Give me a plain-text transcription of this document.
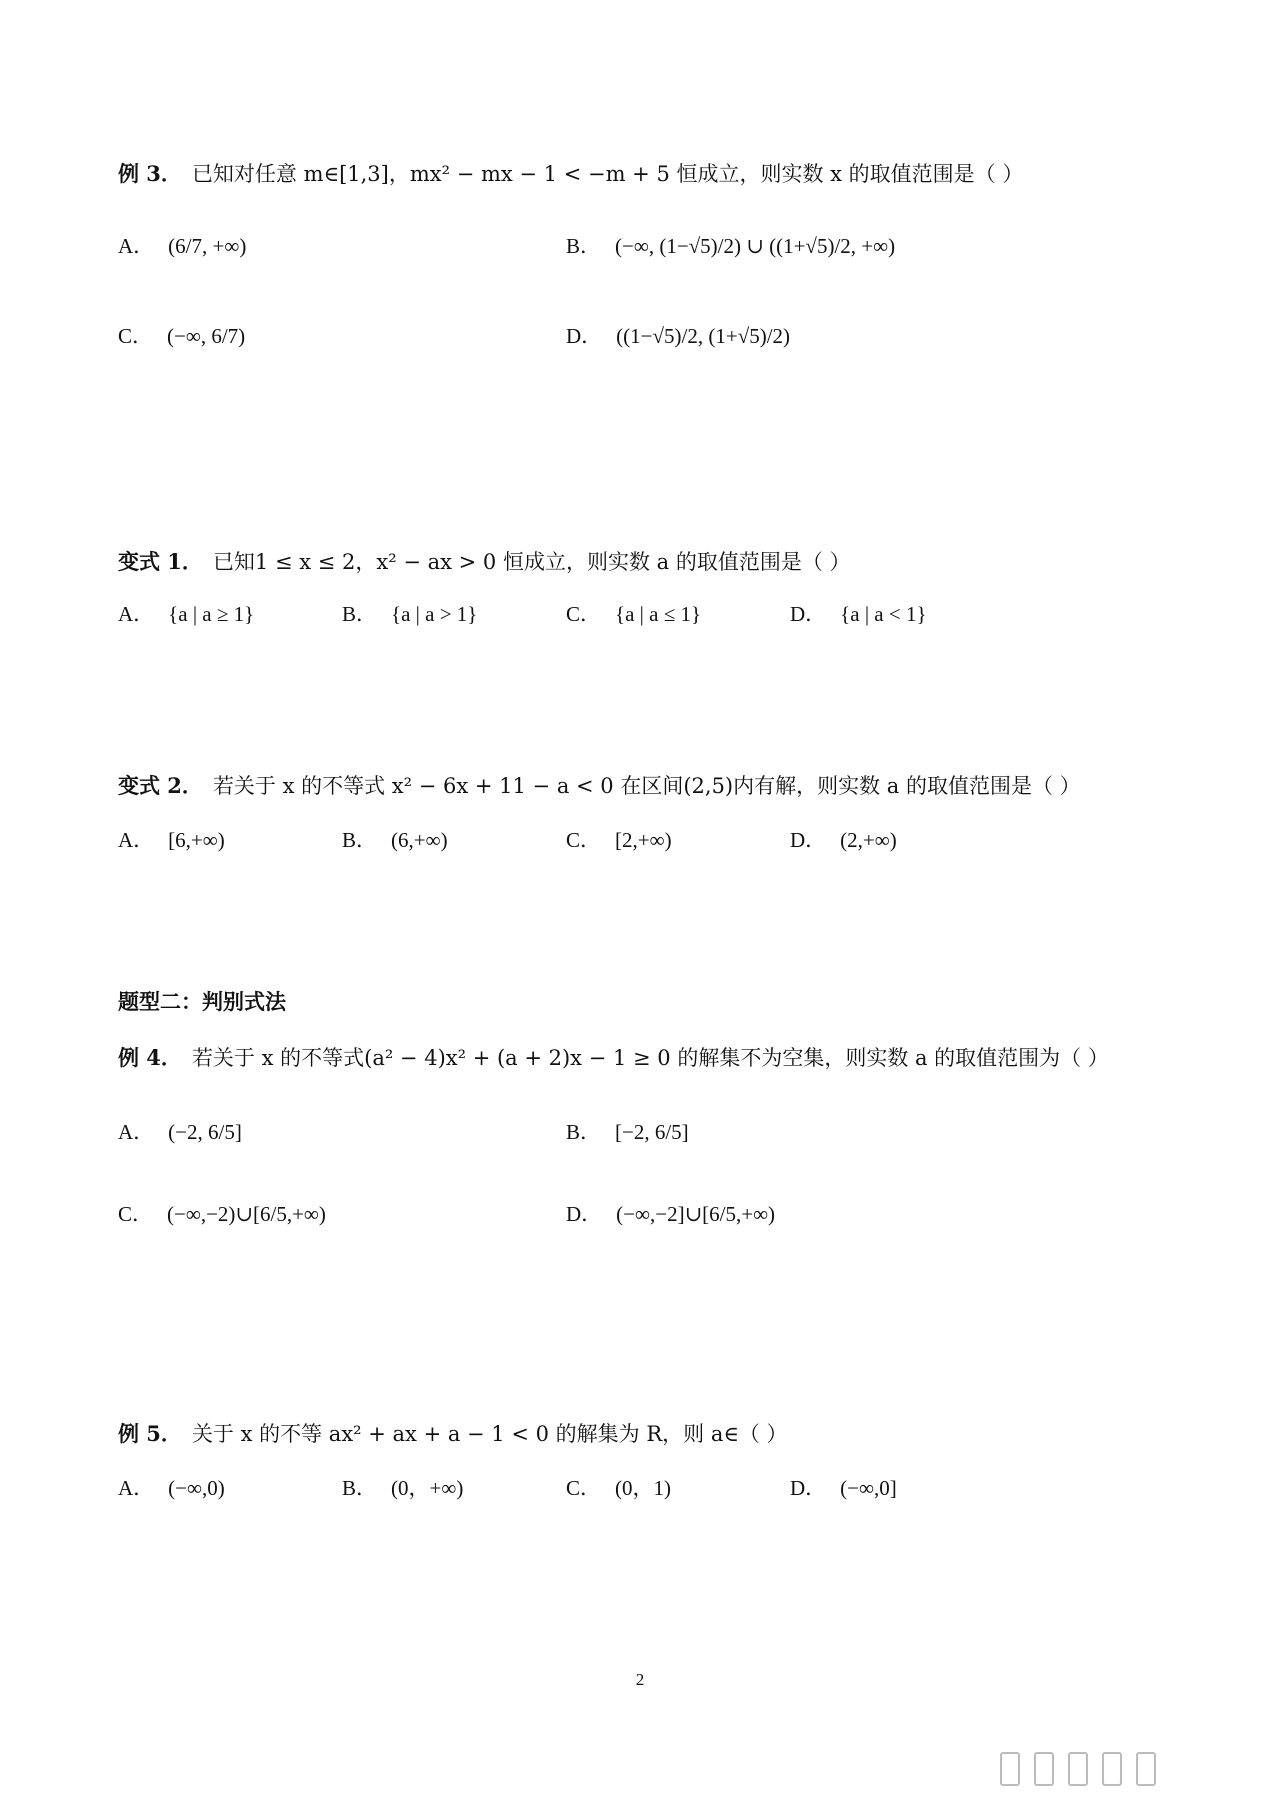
例 3． 已知对任意 m∈[1,3]，mx² − mx − 1 < −m + 5 恒成立，则实数 x 的取值范围是（ ）
A． (6/7, +∞)	B． (−∞, (1−√5)/2) ∪ ((1+√5)/2, +∞)
C． (−∞, 6/7)	D． ((1−√5)/2, (1+√5)/2)
变式 1． 已知1 ≤ x ≤ 2，x² − ax > 0 恒成立，则实数 a 的取值范围是（ ）
A． {a | a ≥ 1}	B． {a | a > 1}	C． {a | a ≤ 1}	D． {a | a < 1}
变式 2． 若关于 x 的不等式 x² − 6x + 11 − a < 0 在区间(2,5)内有解，则实数 a 的取值范围是（ ）
A． [6,+∞)	B． (6,+∞)	C． [2,+∞)	D． (2,+∞)
题型二：判别式法
例 4． 若关于 x 的不等式(a² − 4)x² + (a + 2)x − 1 ≥ 0 的解集不为空集，则实数 a 的取值范围为（ ）
A． (−2, 6/5]	B． [−2, 6/5]
C． (−∞,−2)∪[6/5,+∞)	D． (−∞,−2]∪[6/5,+∞)
例 5． 关于 x 的不等 ax² + ax + a − 1 < 0 的解集为 R，则 a∈（ ）
A． (−∞,0)	B． (0，+∞)	C． (0，1)	D． (−∞,0]
2
